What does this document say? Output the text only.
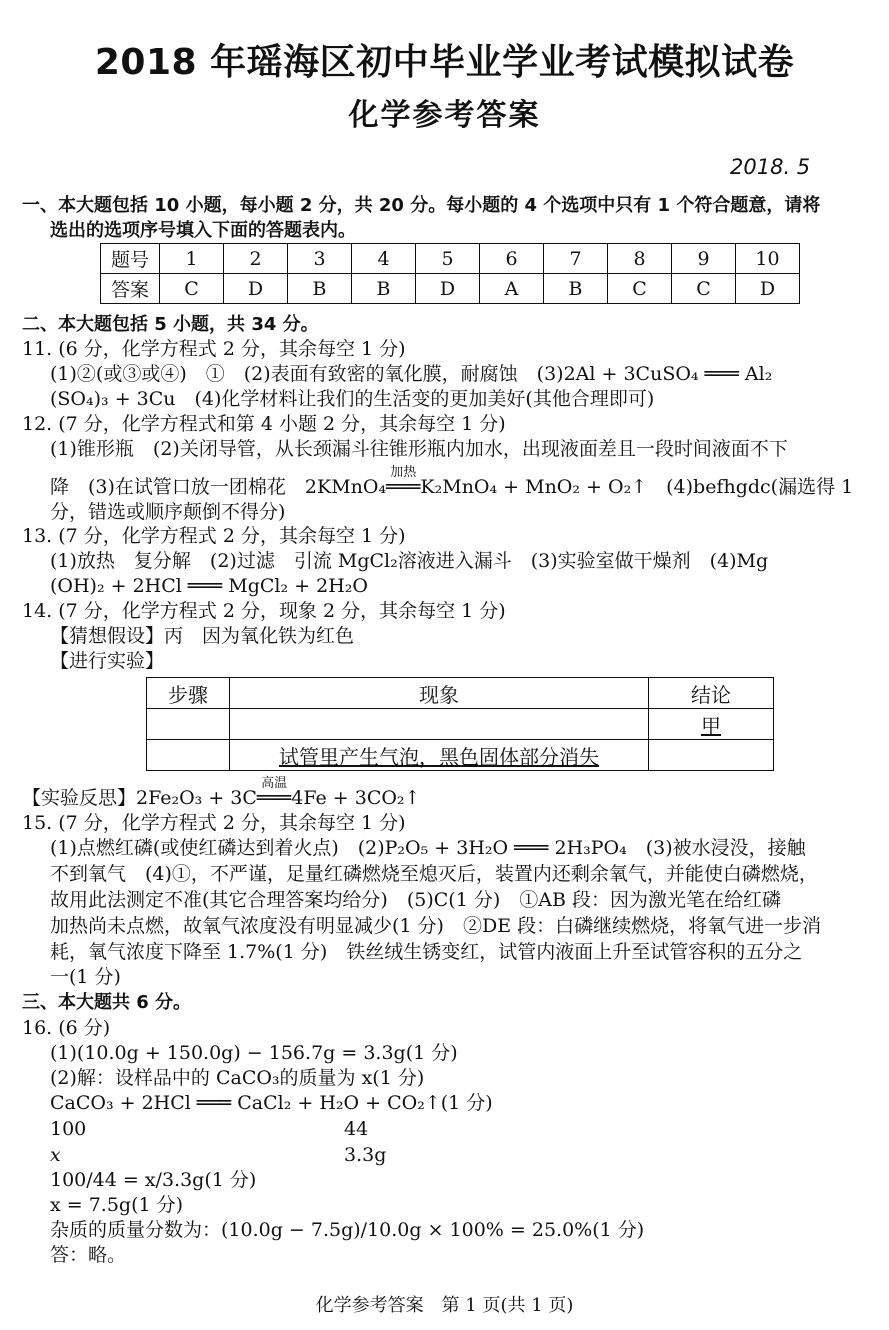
2018 年瑶海区初中毕业学业考试模拟试卷
化学参考答案
2018. 5
一、本大题包括 10 小题，每小题 2 分，共 20 分。每小题的 4 个选项中只有 1 个符合题意，请将
选出的选项序号填入下面的答题表内。
题号	1	2	3	4	5	6	7	8	9	10
答案	C	D	B	B	D	A	B	C	C	D
二、本大题包括 5 小题，共 34 分。
11. (6 分，化学方程式 2 分，其余每空 1 分)
(1)②(或③或④)　①　(2)表面有致密的氧化膜，耐腐蚀　(3)2Al + 3CuSO₄ ═══ Al₂
(SO₄)₃ + 3Cu　(4)化学材料让我们的生活变的更加美好(其他合理即可)
12. (7 分，化学方程式和第 4 小题 2 分，其余每空 1 分)
(1)锥形瓶　(2)关闭导管，从长颈漏斗往锥形瓶内加水，出现液面差且一段时间液面不下
降　(3)在试管口放一团棉花　2KMnO₄
加热
═══K₂MnO₄ + MnO₂ + O₂↑　(4)befhgdc(漏选得 1
分，错选或顺序颠倒不得分)
13. (7 分，化学方程式 2 分，其余每空 1 分)
(1)放热　复分解　(2)过滤　引流 MgCl₂溶液进入漏斗　(3)实验室做干燥剂　(4)Mg
(OH)₂ + 2HCl ═══ MgCl₂ + 2H₂O
14. (7 分，化学方程式 2 分，现象 2 分，其余每空 1 分)
【猜想假设】丙　因为氧化铁为红色
【进行实验】
步骤	现象	结论
		甲
	试管里产生气泡，黑色固体部分消失	
【实验反思】2Fe₂O₃ + 3C
高温
═══4Fe + 3CO₂↑
15. (7 分，化学方程式 2 分，其余每空 1 分)
(1)点燃红磷(或使红磷达到着火点)　(2)P₂O₅ + 3H₂O ═══ 2H₃PO₄　(3)被水浸没，接触
不到氧气　(4)①，不严谨，足量红磷燃烧至熄灭后，装置内还剩余氧气，并能使白磷燃烧，
故用此法测定不准(其它合理答案均给分)　(5)C(1 分)　①AB 段：因为激光笔在给红磷
加热尚未点燃，故氧气浓度没有明显减少(1 分)　②DE 段：白磷继续燃烧，将氧气进一步消
耗，氧气浓度下降至 1.7%(1 分)　铁丝绒生锈变红，试管内液面上升至试管容积的五分之
一(1 分)
三、本大题共 6 分。
16. (6 分)
(1)(10.0g + 150.0g) − 156.7g = 3.3g(1 分)
(2)解：设样品中的 CaCO₃的质量为 x(1 分)
CaCO₃ + 2HCl ═══ CaCl₂ + H₂O + CO₂↑(1 分)
100	44
x	3.3g
100/44 = x/3.3g(1 分)
x = 7.5g(1 分)
杂质的质量分数为：(10.0g − 7.5g)/10.0g × 100% = 25.0%(1 分)
答：略。
化学参考答案　第 1 页(共 1 页)
